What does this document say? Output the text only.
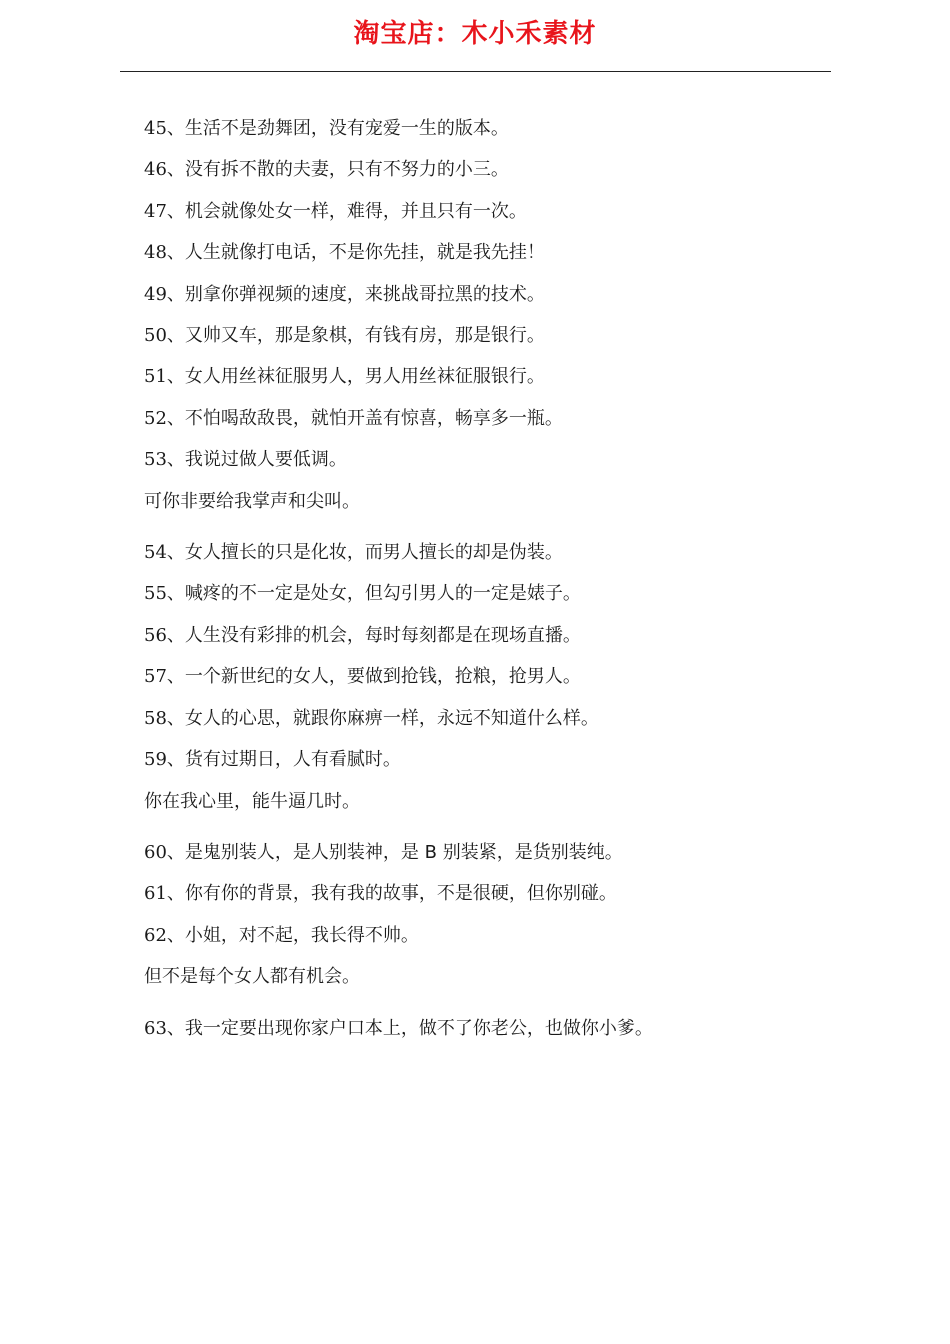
淘宝店：木小禾素材
45、生活不是劲舞团，没有宠爱一生的版本。
46、没有拆不散的夫妻，只有不努力的小三。
47、机会就像处女一样，难得，并且只有一次。
48、人生就像打电话，不是你先挂，就是我先挂！
49、别拿你弹视频的速度，来挑战哥拉黑的技术。
50、又帅又车，那是象棋，有钱有房，那是银行。
51、女人用丝袜征服男人，男人用丝袜征服银行。
52、不怕喝敌敌畏，就怕开盖有惊喜，畅享多一瓶。
53、我说过做人要低调。
可你非要给我掌声和尖叫。
54、女人擅长的只是化妆，而男人擅长的却是伪装。
55、喊疼的不一定是处女，但勾引男人的一定是婊子。
56、人生没有彩排的机会，每时每刻都是在现场直播。
57、一个新世纪的女人，要做到抢钱，抢粮，抢男人。
58、女人的心思，就跟你麻痹一样，永远不知道什么样。
59、货有过期日，人有看腻时。
你在我心里，能牛逼几时。
60、是鬼别装人，是人别装神，是 B 别装紧，是货别装纯。
61、你有你的背景，我有我的故事，不是很硬，但你别碰。
62、小姐，对不起，我长得不帅。
但不是每个女人都有机会。
63、我一定要出现你家户口本上，做不了你老公，也做你小爹。
